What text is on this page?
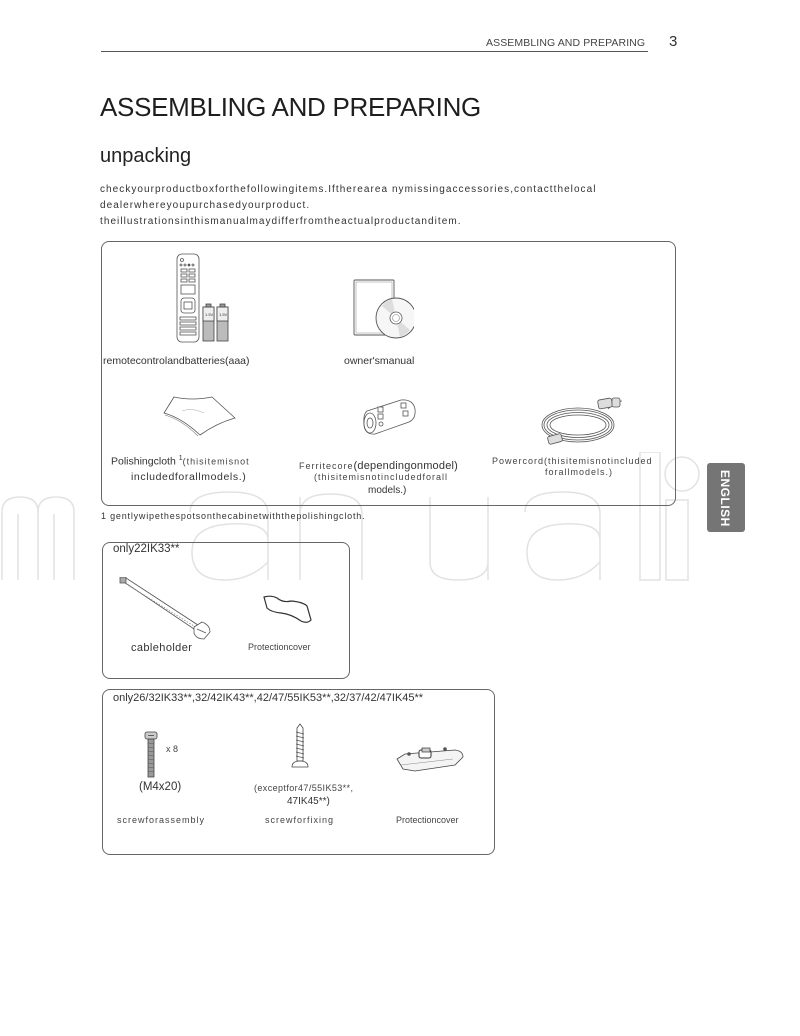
ASSEMBLING AND PREPARING 3
ASSEMBLING AND PREPARING
unpacking
checkyourproductboxforthefollowingitems.Iftherearea nymissingaccessories,contactthelocal
dealerwhereyoupurchasedyourproduct.
theillustrationsinthismanualmaydifferfromtheactualproductanditem.
1.5V 1.5V
remotecontrolandbatteries(aaa)	owner'smanual
Polishingcloth $^1$(thisitemisnot
includedforallmodels.)
Ferritecore(dependingonmodel)
(thisitemisnotincludedforall
models.)
Powercord(thisitemisnotincluded
forallmodels.)
1 gentlywipethespotsonthecabinetwiththepolishingcloth.	ENGLISH
only22IK33**
cableholder	Protectioncover
only26/32IK33**,32/42IK43**,42/47/55IK53**,32/37/42/47IK45**
x 8
(M4x20)
screwforassembly
(exceptfor47/55IK53**,
47IK45**)
screwforfixing	Protectioncover
